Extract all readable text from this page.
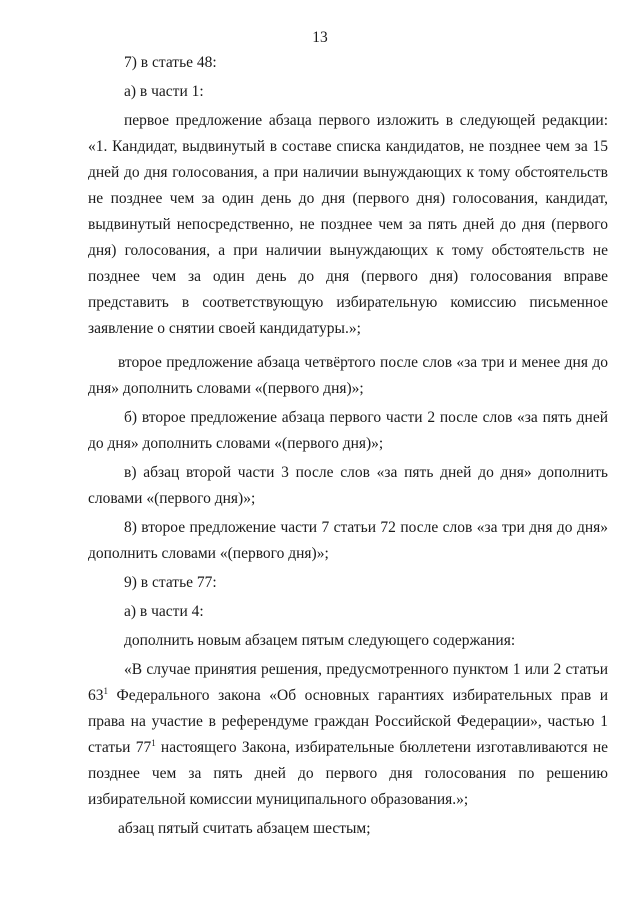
13

7) в статье 48:

а) в части 1:

первое предложение абзаца первого изложить в следующей редакции: «1. Кандидат, выдвинутый в составе списка кандидатов, не позднее чем за 15 дней до дня голосования, а при наличии вынуждающих к тому обстоятельств не позднее чем за один день до дня (первого дня) голосования, кандидат, выдвинутый непосредственно, не позднее чем за пять дней до дня (первого дня) голосования, а при наличии вынуждающих к тому обстоятельств не позднее чем за один день до дня (первого дня) голосования вправе представить в соответствующую избирательную комиссию письменное заявление о снятии своей кандидатуры.»;

второе предложение абзаца четвёртого после слов «за три и менее дня до дня» дополнить словами «(первого дня)»;

б) второе предложение абзаца первого части 2 после слов «за пять дней до дня» дополнить словами «(первого дня)»;

в) абзац второй части 3 после слов «за пять дней до дня» дополнить словами «(первого дня)»;

8) второе предложение части 7 статьи 72 после слов «за три дня до дня» дополнить словами «(первого дня)»;

9) в статье 77:

а) в части 4:

дополнить новым абзацем пятым следующего содержания:

«В случае принятия решения, предусмотренного пунктом 1 или 2 статьи $63^1$ Федерального закона «Об основных гарантиях избирательных прав и права на участие в референдуме граждан Российской Федерации», частью 1 статьи $77^1$ настоящего Закона, избирательные бюллетени изготавливаются не позднее чем за пять дней до первого дня голосования по решению избирательной комиссии муниципального образования.»;

абзац пятый считать абзацем шестым;
